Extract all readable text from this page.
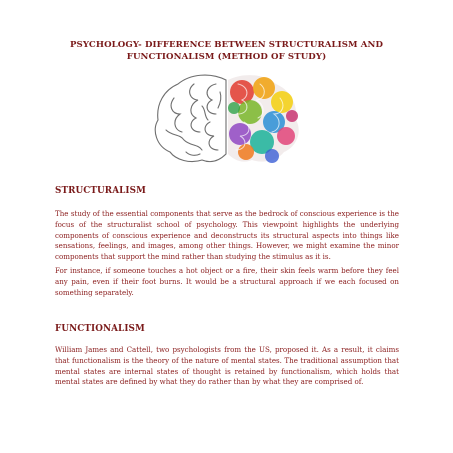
PSYCHOLOGY- DIFFERENCE BETWEEN STRUCTURALISM AND FUNCTIONALISM (METHOD OF STUDY)
STRUCTURALISM
The study of the essential components that serve as the bedrock of conscious experience is the focus of the structuralist school of psychology. This viewpoint highlights the underlying components of conscious experience and deconstructs its structural aspects into things like sensations, feelings, and images, among other things. However, we might examine the minor components that support the mind rather than studying the stimulus as it is.
For instance, if someone touches a hot object or a fire, their skin feels warm before they feel any pain, even if their foot burns. It would be a structural approach if we each focused on something separately.
FUNCTIONALISM
William James and Cattell, two psychologists from the US, proposed it. As a result, it claims that functionalism is the theory of the nature of mental states. The traditional assumption that mental states are internal states of thought is retained by functionalism, which holds that mental states are defined by what they do rather than by what they are comprised of.
